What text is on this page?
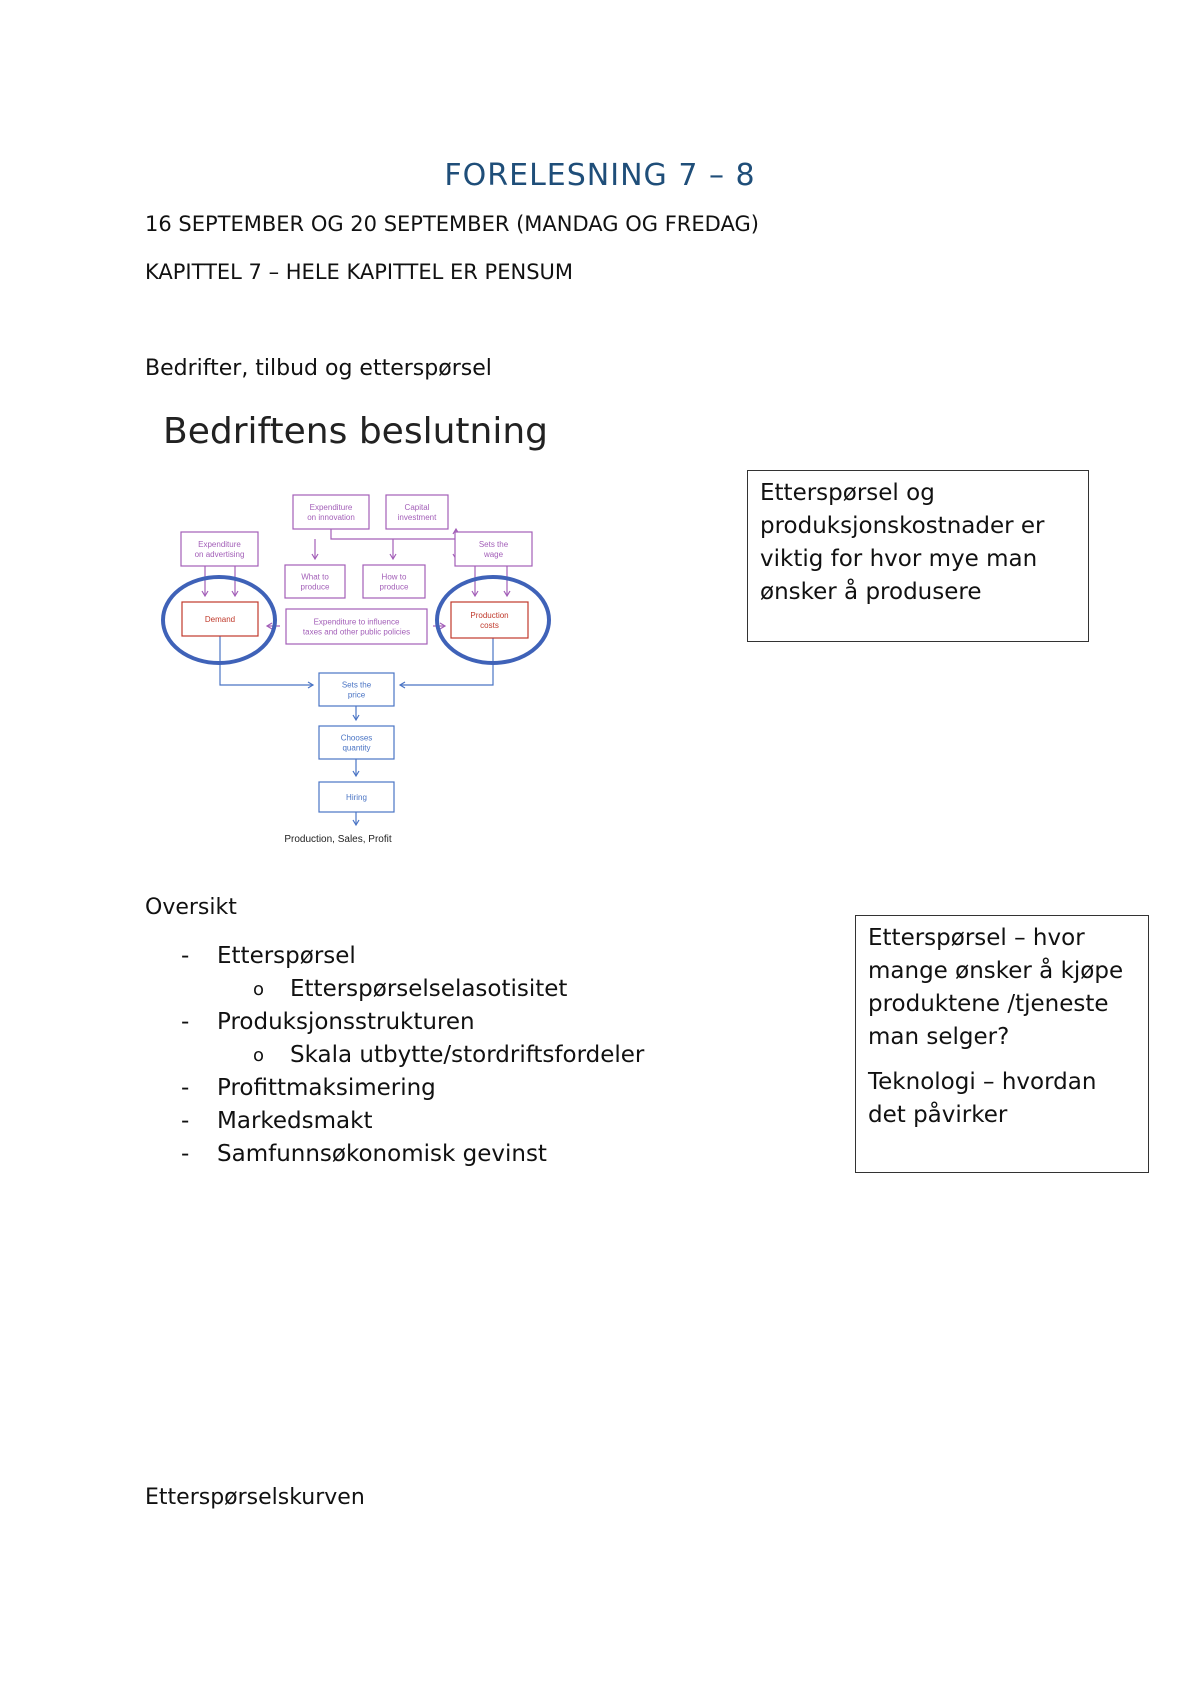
FORELESNING 7 – 8
16 SEPTEMBER OG 20 SEPTEMBER (MANDAG OG FREDAG)
KAPITTEL 7 – HELE KAPITTEL ER PENSUM
Bedrifter, tilbud og etterspørsel
Bedriftens beslutning
Expenditure
on innovation
Capital
investment
Expenditure
on advertising
Sets the
wage
What to
produce
How to
produce
Demand	Production
costs
Expenditure to influence
taxes and other public policies
Sets the
price
Chooses
quantity
Hiring
Production, Sales, Profit

Etterspørsel og produksjonskostnader er viktig for hvor mye man ønsker å produsere

Oversikt
-	Etterspørsel
o	Etterspørselselasotisitet
-	Produksjonsstrukturen
o	Skala utbytte/stordriftsfordeler
-	Profittmaksimering
-	Markedsmakt
-	Samfunnsøkonomisk gevinst

Etterspørsel – hvor mange ønsker å kjøpe produktene /tjeneste man selger?

Teknologi – hvordan det påvirker

Etterspørselskurven
